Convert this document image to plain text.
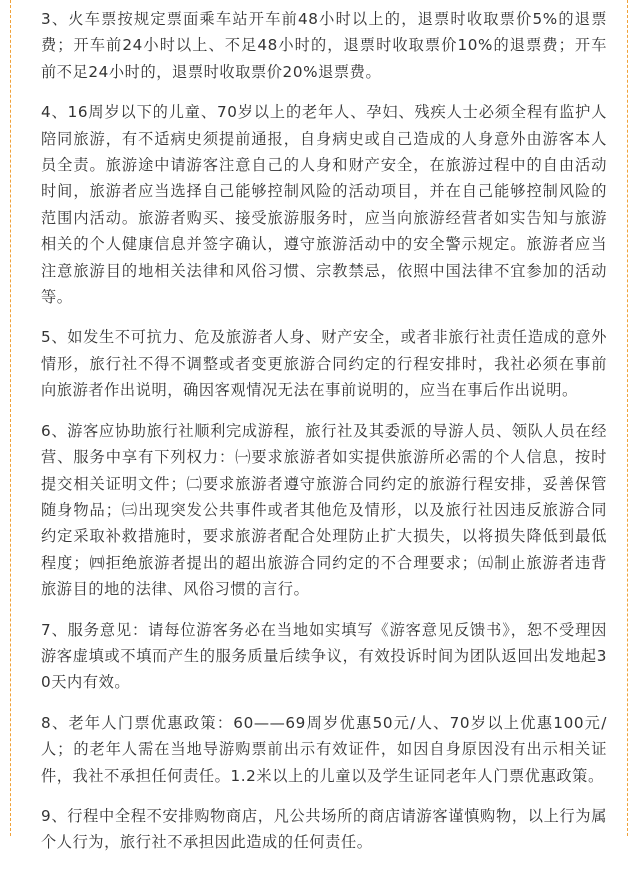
3、火车票按规定票面乘车站开车前48小时以上的，退票时收取票价5%的退票费；开车前24小时以上、不足48小时的，退票时收取票价10%的退票费；开车前不足24小时的，退票时收取票价20%退票费。

4、16周岁以下的儿童、70岁以上的老年人、孕妇、残疾人士必须全程有监护人陪同旅游，有不适病史须提前通报，自身病史或自己造成的人身意外由游客本人员全责。旅游途中请游客注意自己的人身和财产安全，在旅游过程中的自由活动时间，旅游者应当选择自己能够控制风险的活动项目，并在自己能够控制风险的范围内活动。旅游者购买、接受旅游服务时，应当向旅游经营者如实告知与旅游相关的个人健康信息并签字确认，遵守旅游活动中的安全警示规定。旅游者应当注意旅游目的地相关法律和风俗习惯、宗教禁忌，依照中国法律不宜参加的活动等。

5、如发生不可抗力、危及旅游者人身、财产安全，或者非旅行社责任造成的意外情形，旅行社不得不调整或者变更旅游合同约定的行程安排时，我社必须在事前向旅游者作出说明，确因客观情况无法在事前说明的，应当在事后作出说明。

6、游客应协助旅行社顺利完成游程，旅行社及其委派的导游人员、领队人员在经营、服务中享有下列权力：㈠要求旅游者如实提供旅游所必需的个人信息，按时提交相关证明文件；㈡要求旅游者遵守旅游合同约定的旅游行程安排，妥善保管随身物品；㈢出现突发公共事件或者其他危及情形，以及旅行社因违反旅游合同约定采取补救措施时，要求旅游者配合处理防止扩大损失，以将损失降低到最低程度；㈣拒绝旅游者提出的超出旅游合同约定的不合理要求；㈤制止旅游者违背旅游目的地的法律、风俗习惯的言行。

7、服务意见：请每位游客务必在当地如实填写《游客意见反馈书》，恕不受理因游客虚填或不填而产生的服务质量后续争议，有效投诉时间为团队返回出发地起30天内有效。

8、老年人门票优惠政策：60——69周岁优惠50元/人、70岁以上优惠100元/人；的老年人需在当地导游购票前出示有效证件，如因自身原因没有出示相关证件，我社不承担任何责任。1.2米以上的儿童以及学生证同老年人门票优惠政策。

9、行程中全程不安排购物商店，凡公共场所的商店请游客谨慎购物，以上行为属个人行为，旅行社不承担因此造成的任何责任。
